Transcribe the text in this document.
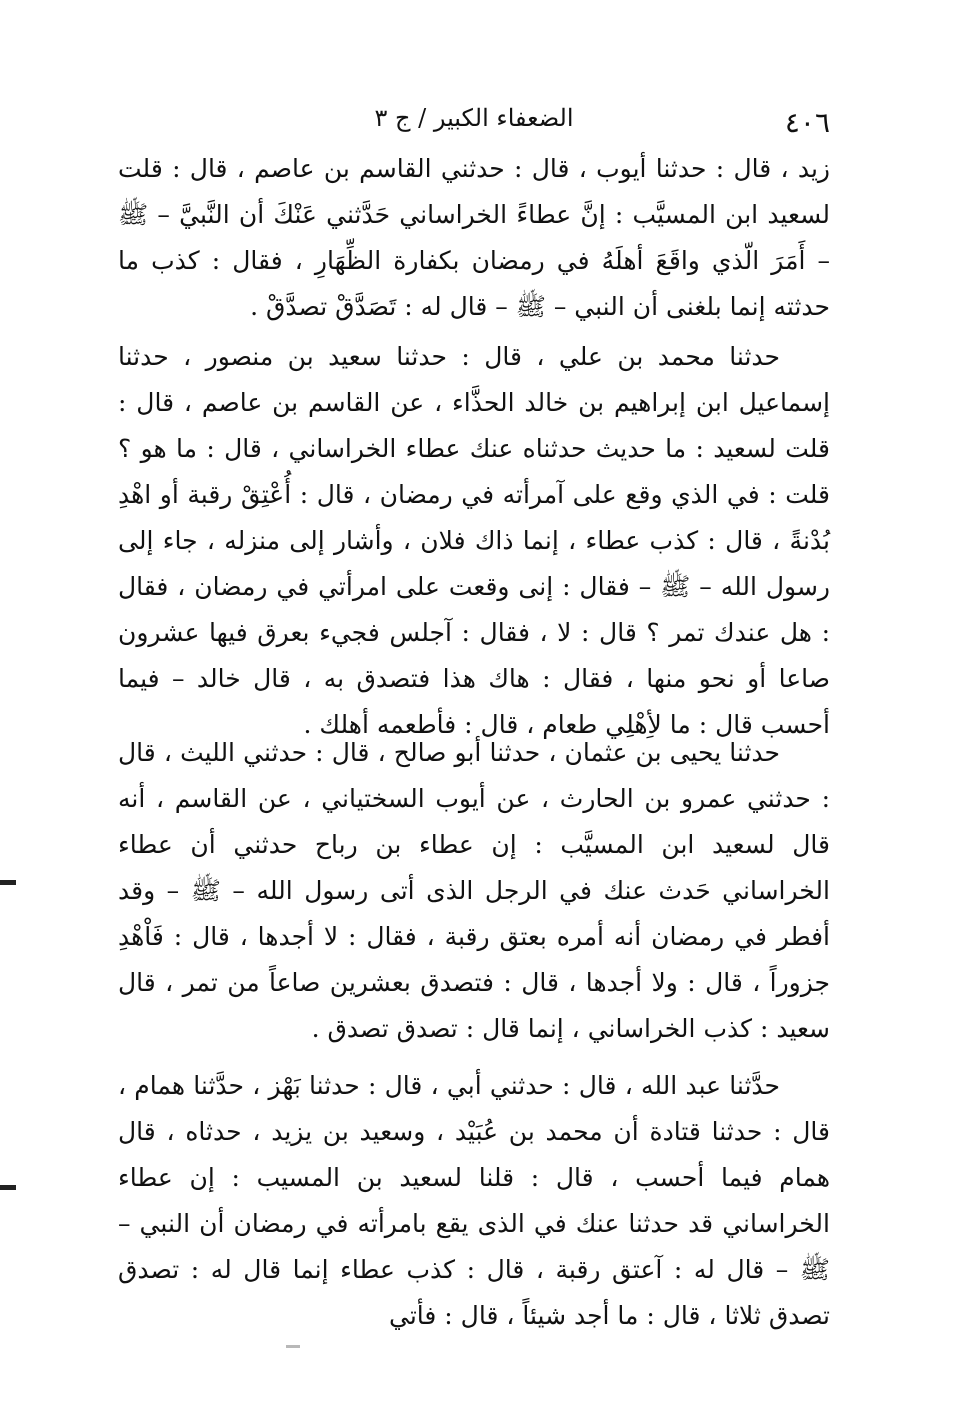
٤٠٦
الضعفاء الكبير / ج ٣

زيد ، قال : حدثنا أيوب ، قال : حدثني القاسم بن عاصم ، قال : قلت لسعيد ابن المسيَّب : إنَّ عطاءً الخراساني حَدَّثني عَنْكَ أن النَّبيَّ – ﷺ – أَمَرَ الّذي واقَعَ أهلَهُ في رمضان بكفارة الظِّهَارِ ، فقال : كذب ما حدثته إنما بلغنى أن النبي – ﷺ – قال له : تَصَدَّقْ تصدَّقْ .

حدثنا محمد بن علي ، قال : حدثنا سعيد بن منصور ، حدثنا إسماعيل ابن إبراهيم بن خالد الحذَّاء ، عن القاسم بن عاصم ، قال : قلت لسعيد : ما حديث حدثناه عنك عطاء الخراساني ، قال : ما هو ؟ قلت : في الذي وقع على آمرأته في رمضان ، قال : أُعْتِقْ رقبة أو اهْدِ بُدْنةً ، قال : كذب عطاء ، إنما ذاك فلان ، وأشار إلى منزله ، جاء إلى رسول الله – ﷺ – فقال : إنى وقعت على امرأتي في رمضان ، فقال : هل عندك تمر ؟ قال : لا ، فقال : آجلس فجيء بعرق فيها عشرون صاعا أو نحو منها ، فقال : هاك هذا فتصدق به ، قال خالد – فيما أحسب قال : ما لأِهْلِي طعام ، قال : فأطعمه أهلك .

حدثنا يحيى بن عثمان ، حدثنا أبو صالح ، قال : حدثني الليث ، قال : حدثني عمرو بن الحارث ، عن أيوب السختياني ، عن القاسم ، أنه قال لسعيد ابن المسيَّب : إن عطاء بن رباح حدثني أن عطاء الخراساني حَدث عنك في الرجل الذى أتى رسول الله – ﷺ – وقد أفطر في رمضان أنه أمره بعتق رقبة ، فقال : لا أجدها ، قال : فَاْهْدِ جزوراً ، قال : ولا أجدها ، قال : فتصدق بعشرين صاعاً من تمر ، قال سعيد : كذب الخراساني ، إنما قال : تصدق تصدق .

حدَّثنا عبد الله ، قال : حدثني أبي ، قال : حدثنا بَهْز ، حدَّثنا همام ، قال : حدثنا قتادة أن محمد بن عُبَيْد ، وسعيد بن يزيد ، حدثاه ، قال همام فيما أحسب ، قال : قلنا لسعيد بن المسيب : إن عطاء الخراساني قد حدثنا عنك في الذى يقع بامرأته في رمضان أن النبي – ﷺ – قال له : آعتق رقبة ، قال : كذب عطاء إنما قال له : تصدق تصدق ثلاثا ، قال : ما أجد شيئاً ، قال : فأتي
